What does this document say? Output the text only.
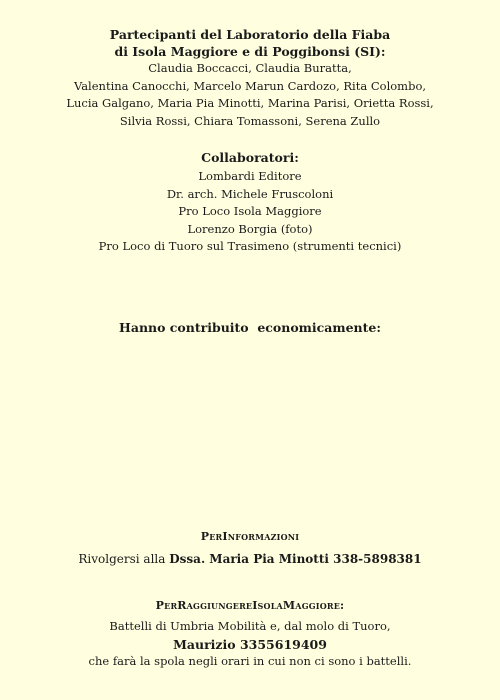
Partecipanti del Laboratorio della Fiaba
di Isola Maggiore e di Poggibonsi (SI):
Claudia Boccacci, Claudia Buratta,
Valentina Canocchi, Marcelo Marun Cardozo, Rita Colombo,
Lucia Galgano, Maria Pia Minotti, Marina Parisi, Orietta Rossi,
Silvia Rossi, Chiara Tomassoni, Serena Zullo
Collaboratori:
Lombardi Editore
Dr. arch. Michele Fruscoloni
Pro Loco Isola Maggiore
Lorenzo Borgia (foto)
Pro Loco di Tuoro sul Trasimeno (strumenti tecnici)
Hanno contribuito  economicamente:
PerInformazioni
Rivolgersi alla Dssa. Maria Pia Minotti 338-5898381
PerRaggiungereIsolaMaggiore:
Battelli di Umbria Mobilità e, dal molo di Tuoro,
Maurizio 3355619409
che farà la spola negli orari in cui non ci sono i battelli.
